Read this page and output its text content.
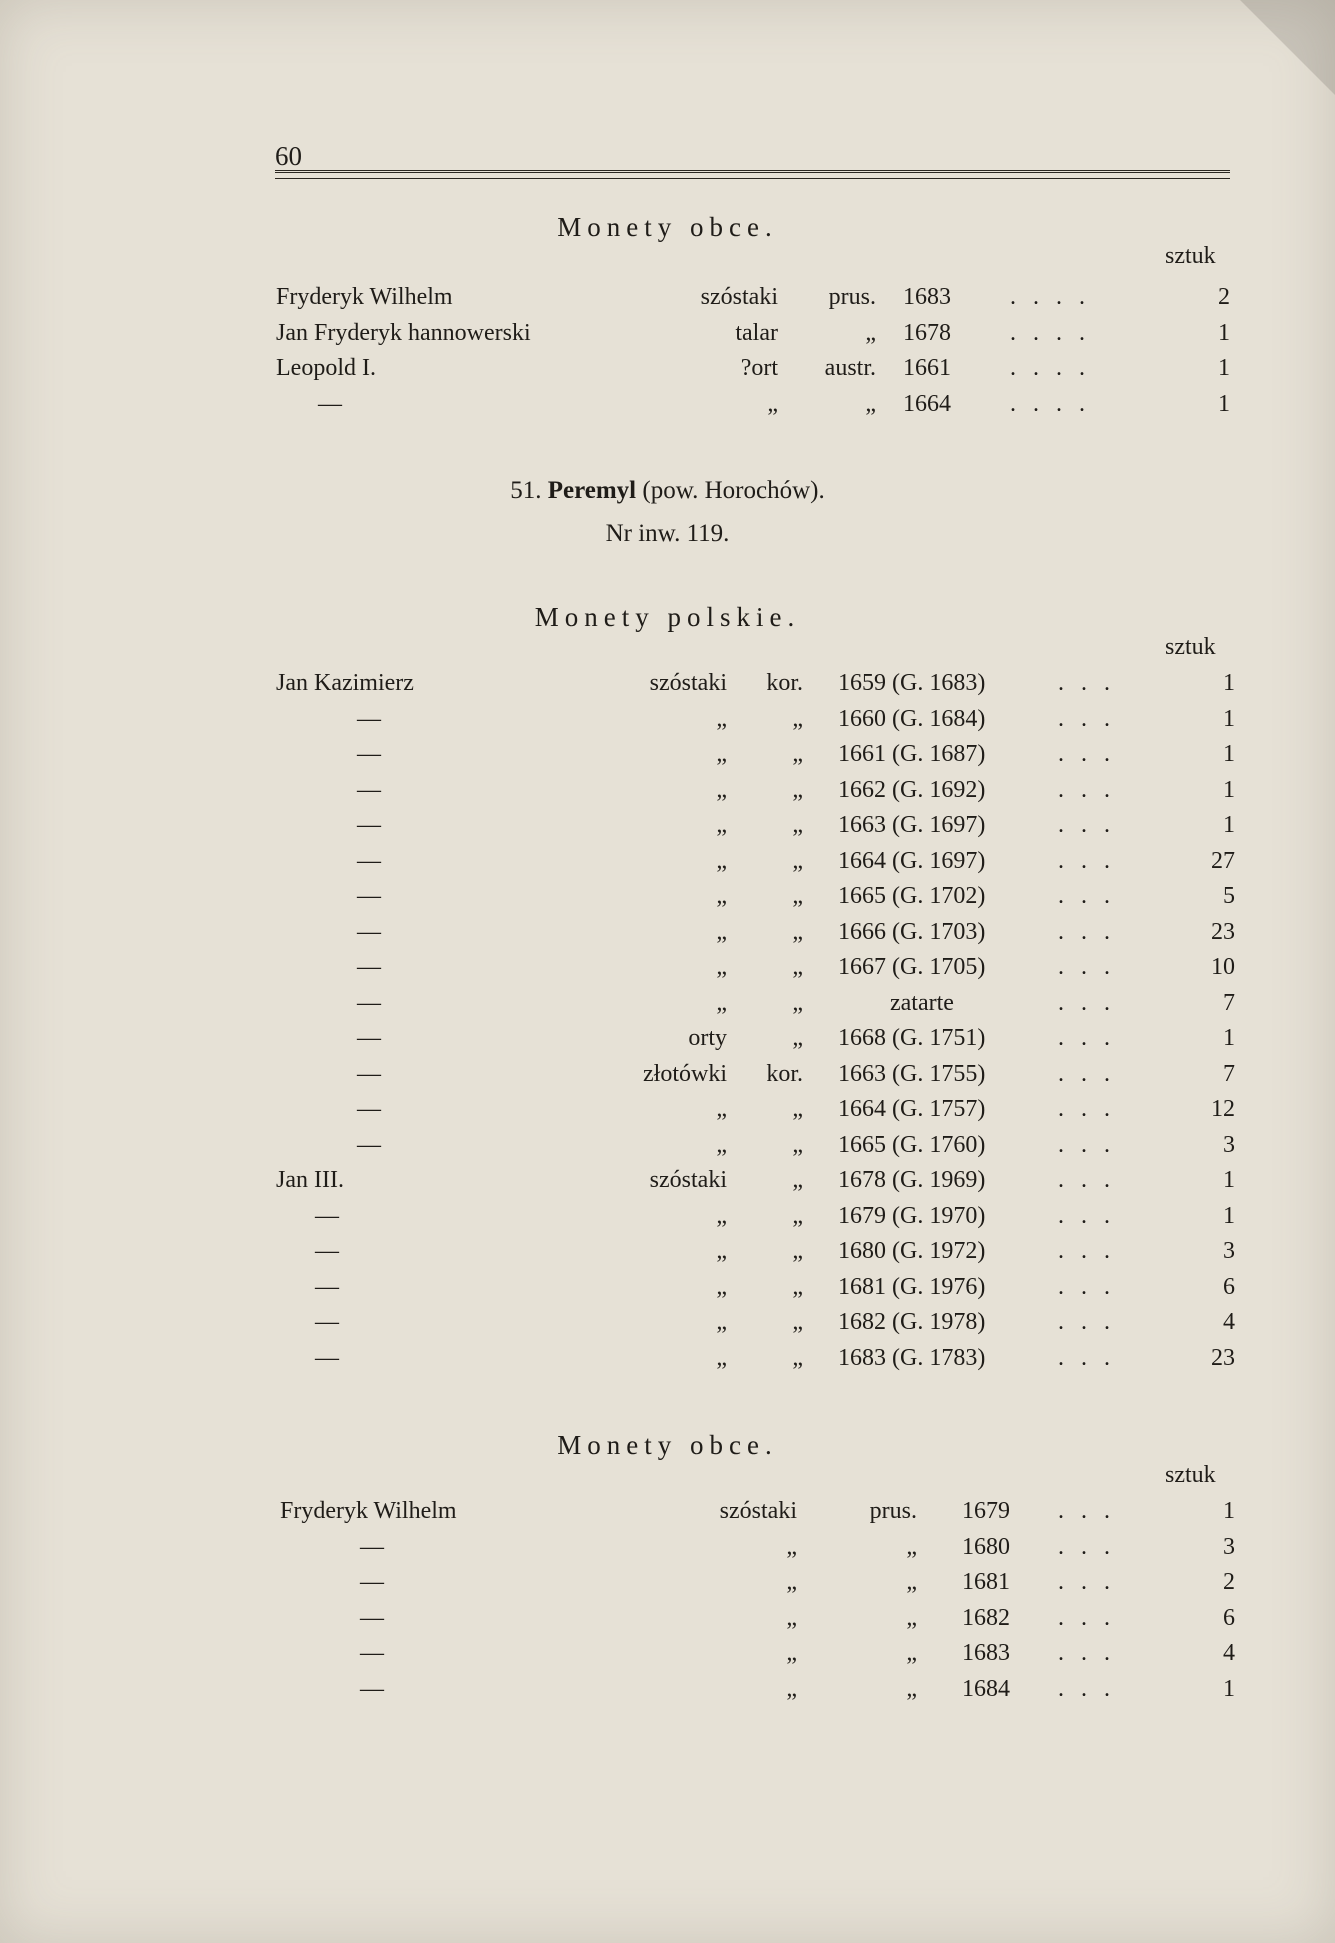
60
Monety obce.
sztuk
Fryderyk Wilhelm	szóstaki prus. 1683 ....	2
Jan Fryderyk hannowerski	talar	„ 1678 ....	1
Leopold I.	?ort austr. 1661 ....	1
—	„	„ 1664 ....	1
51. Peremyl (pow. Horochów).
Nr inw. 119.
Monety polskie.
sztuk
Jan Kazimierz	szóstaki kor. 1659 (G. 1683)	...	1
—	„	„ 1660 (G. 1684)	...	1
—	„	„ 1661 (G. 1687)	...	1
—	„	„ 1662 (G. 1692)	...	1
—	„	„ 1663 (G. 1697)	...	1
—	„	„ 1664 (G. 1697)	...	27
—	„	„ 1665 (G. 1702)	...	5
—	„	„ 1666 (G. 1703)	...	23
—	„	„ 1667 (G. 1705)	...	10
—	„	„	zatarte	...	7
—	orty	„ 1668 (G. 1751)	...	1
—	złotówki kor. 1663 (G. 1755)	...	7
—	„	„ 1664 (G. 1757)	...	12
—	„	„ 1665 (G. 1760)	...	3
Jan III.	szóstaki	„ 1678 (G. 1969)	...	1
—	„	„ 1679 (G. 1970)	...	1
—	„	„ 1680 (G. 1972)	...	3
—	„	„ 1681 (G. 1976)	...	6
—	„	„ 1682 (G. 1978)	...	4
—	„	„ 1683 (G. 1783)	...	23
Monety obce.
sztuk
Fryderyk Wilhelm	szóstaki	prus. 1679 ...	1
—	„	„ 1680 ...	3
—	„	„ 1681 ...	2
—	„	„ 1682 ...	6
—	„	„ 1683 ...	4
—	„	„ 1684 ...	1
